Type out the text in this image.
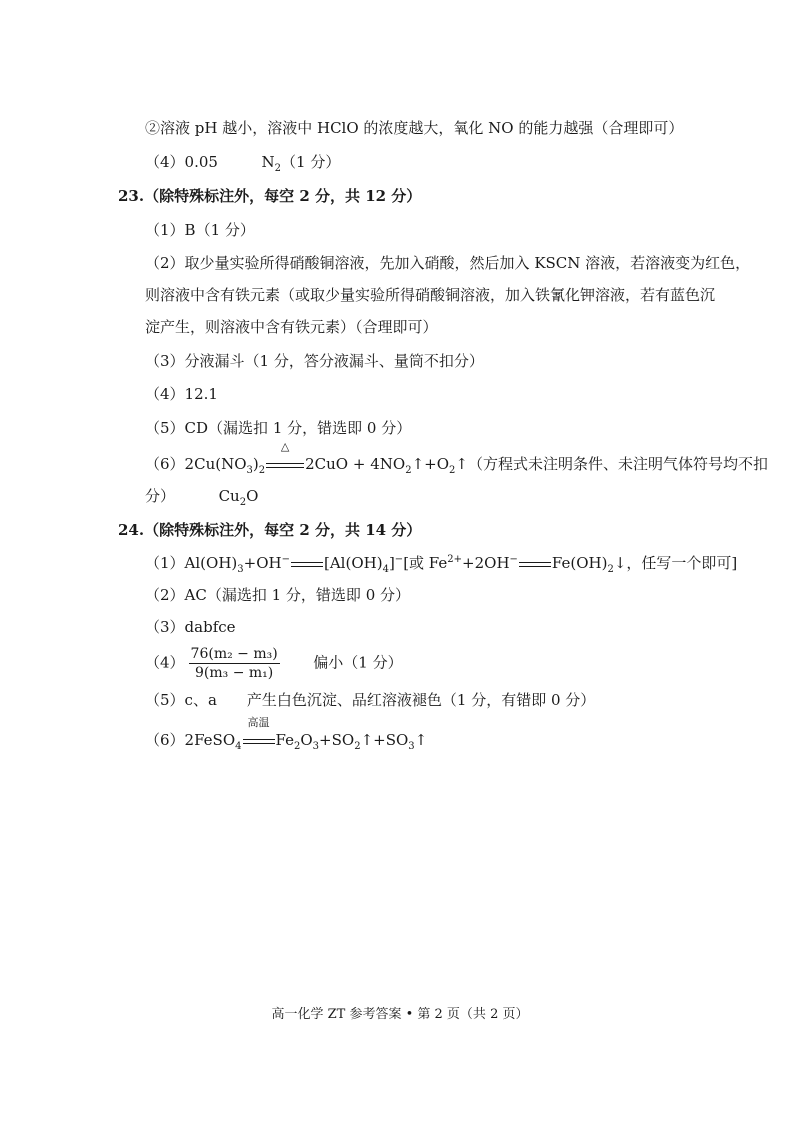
②溶液 pH 越小，溶液中 HClO 的浓度越大，氧化 NO 的能力越强（合理即可）
（4）0.05	$N_2(1$ 分）
23.（除特殊标注外，每空 2 分，共 12 分）
（1）B（1 分）
（2）取少量实验所得硝酸铜溶液，先加入硝酸，然后加入 KSCN 溶液，若溶液变为红色，
则溶液中含有铁元素（或取少量实验所得硝酸铜溶液，加入铁氰化钾溶液，若有蓝色沉
淀产生，则溶液中含有铁元素）（合理即可）
（3）分液漏斗（1 分，答分液漏斗、量筒不扣分）
（4）12.1
（5）CD（漏选扣 1 分，错选即 0 分）
$(6)2Cu(NO_3)_2$
△
$2CuO + 4NO_2↑+O_2↑$（方程式未注明条件、未注明气体符号均不扣
分）	$Cu_2O$
24.（除特殊标注外，每空 2 分，共 14 分）
$(1)Al(OH)_3+OH^-$ $[Al(OH)_4]^-$[或 $Fe^{2+}+2OH^-$ $Fe(OH)_2↓$，任写一个即可]
（2）AC（漏选扣 1 分，错选即 0 分）
（3）dabfce
$(4) \frac{\text{76(m₂ − m₃)}}{\text{9(m₃ − m₁)}}$ 偏小（1 分）
（5）c、a　　产生白色沉淀、品红溶液褪色（1 分，有错即 0 分）
（6）2FeSO$_4$
高温
$Fe_2O_3+SO_2↑+SO_3↑$
高一化学 ZT 参考答案 • 第 2 页（共 2 页）
